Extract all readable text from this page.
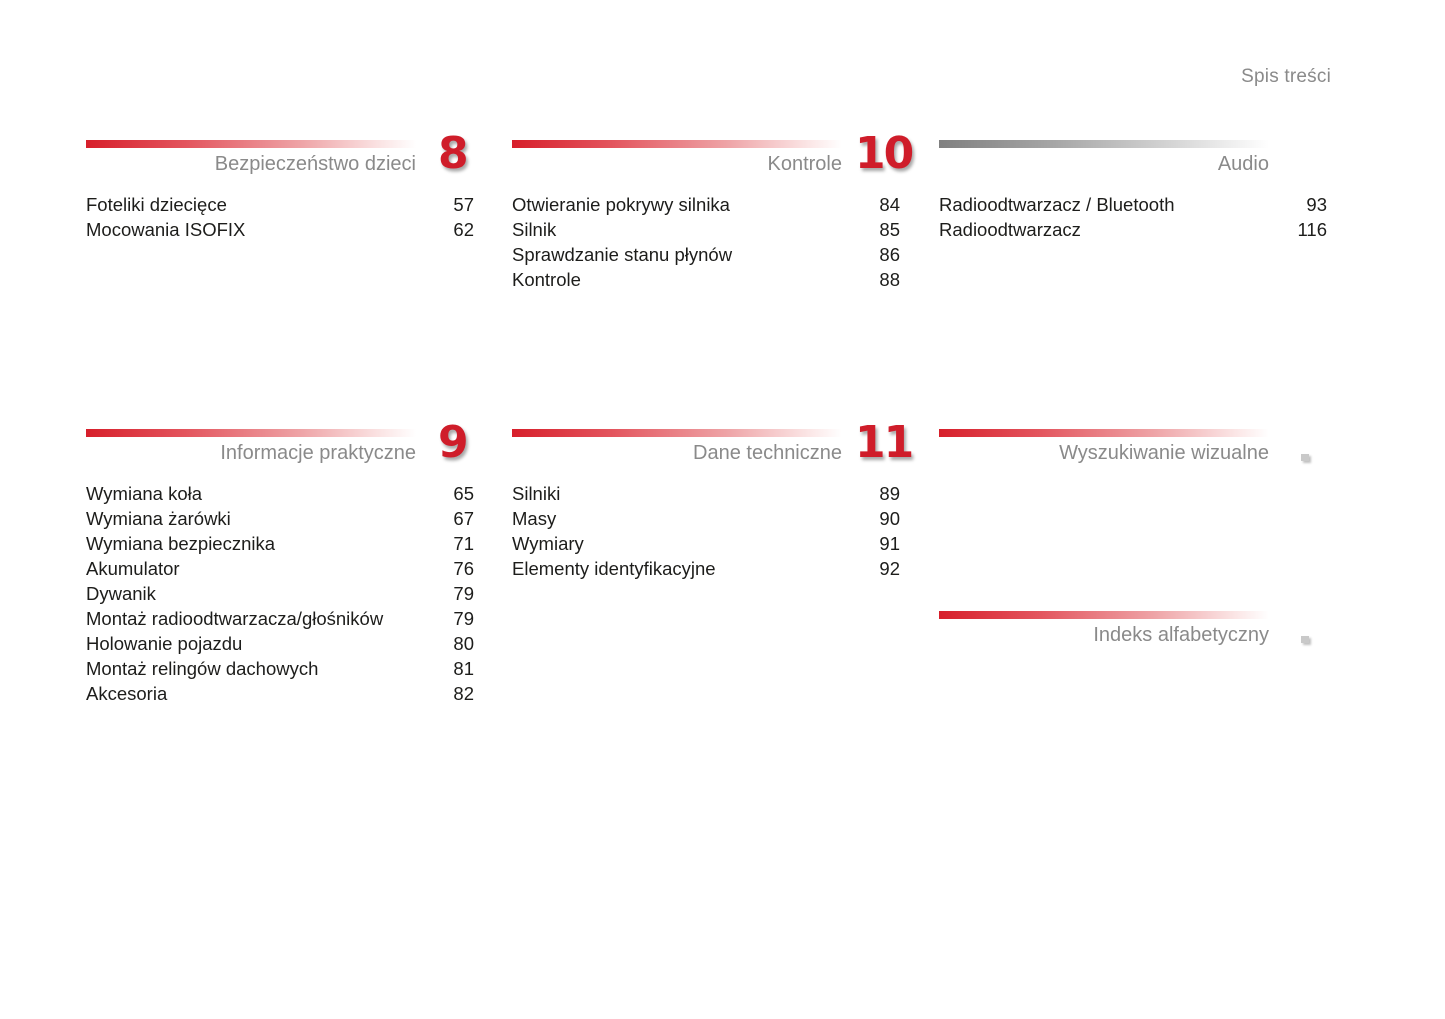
Spis treści
Bezpieczeństwo dzieci 8
Foteliki dziecięce	57
Mocowania ISOFIX	62
Kontrole 10
Otwieranie pokrywy silnika	84
Silnik	85
Sprawdzanie stanu płynów	86
Kontrole	88
Audio
Radioodtwarzacz / Bluetooth	93
Radioodtwarzacz	116
Informacje praktyczne 9
Wymiana koła	65
Wymiana żarówki	67
Wymiana bezpiecznika	71
Akumulator	76
Dywanik	79
Montaż radioodtwarzacza/głośników	79
Holowanie pojazdu	80
Montaż relingów dachowych	81
Akcesoria	82
Dane techniczne 11
Silniki	89
Masy	90
Wymiary	91
Elementy identyfikacyjne	92
Wyszukiwanie wizualne
Indeks alfabetyczny
